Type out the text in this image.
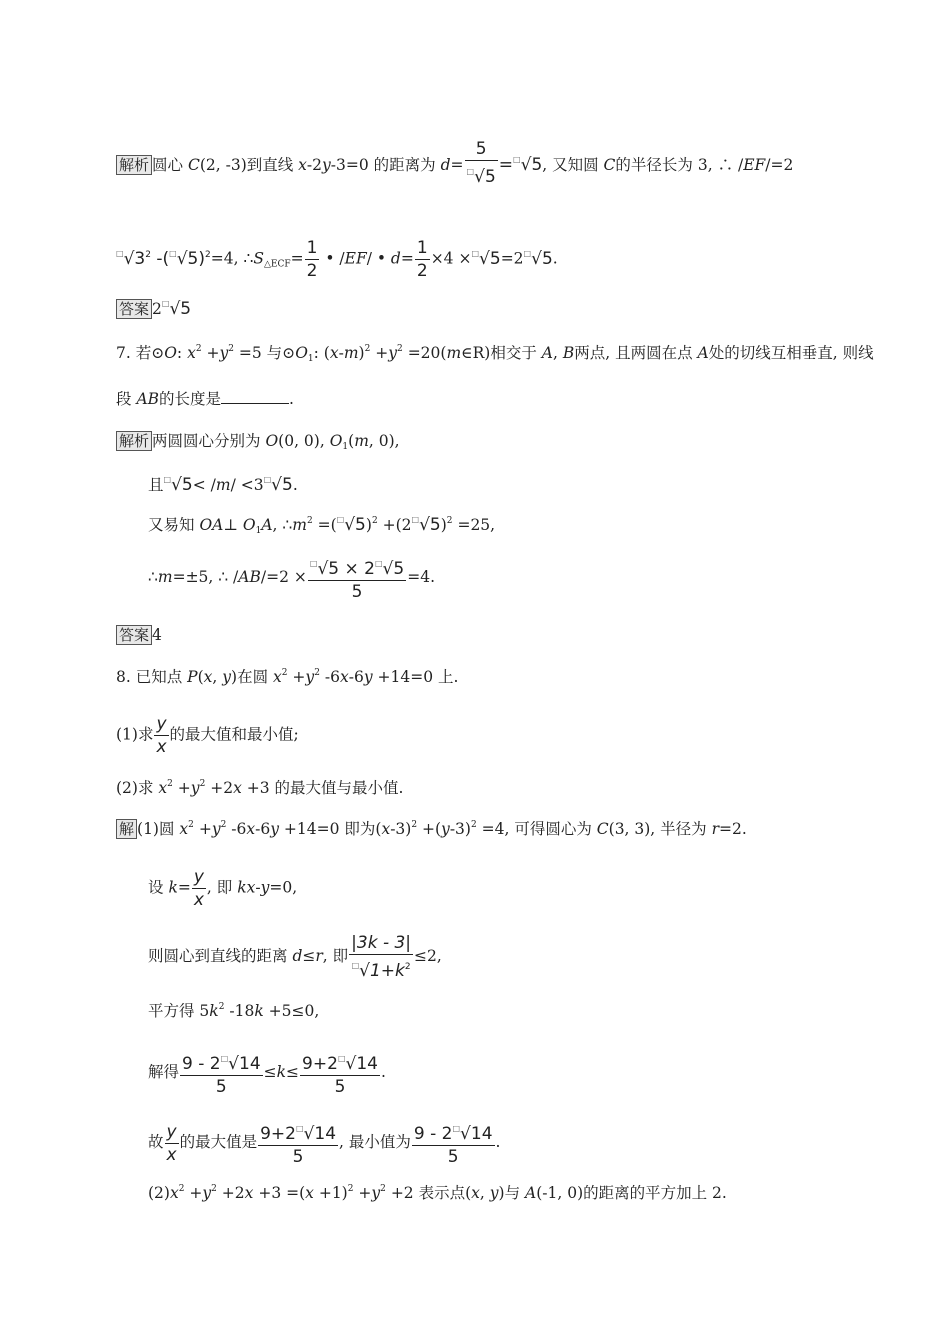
解析 圆心 C(2, -3)到直线 x-2y-3=0 的距离为 $d= \frac{5}{^□√5} =^□√5$, 又知圆 C的半径长为 3, ∴ /EF/=2
$^□√3^2$ $-(^□√5)^2=4$, $\therefore S_{\triangle ECF}= \frac{1}{2}$ • /EF/ • $d= \frac{1}{2} \times 4 \times^□√5=2^□√5$.
答案 2□√5
7. 若⊙O: $x^2 +y^2 =5$ 与$⊙O_1$: $(x-m)^2 +y^2$ =20(m∈R)相交于 A, B两点, 且两圆在点 A处的切线互相垂直, 则线
段 AB的长度是	.
解析 两圆圆心分别为 O(0, 0), $O_1(m$, 0),
且□√5< /m/ <3□√5.
又易知 OA⊥ $O_1A$, $\therefore m^2 =(^□√5)^2 +(2^□√5)^2 =25$,
∴m=±5, ∴ $/AB/=2 \times \frac{^□√5 \times 2^□√5}{5} =4$.
答案 4
8. 已知点 P(x, y)在圆 $x^2 +y^2$ -6x-6y +14=0 上.
(1)求 $\frac{y}{x}$ 的最大值和最小值;
(2)求 $x^2 +y^2 +2x +3$ 的最大值与最小值.
解 (1)圆 $x^2 +y^2$ -6x-6y +14=0 即为$(x-3)^2 +(y-3)^2 =4$, 可得圆心为 C(3, 3), 半径为 r=2.
设 $k= \frac{y}{x}$ , 即 kx-y=0,
则圆心到直线的距离 d≤r, 即 $\frac{|3k - 3|}{^□√1+k^2} \le 2$,
平方得 $5k^2$ -18k +5≤0,
解得 $\frac{9 - 2^□√14}{5} \le k\le \frac{9+2^□√14}{5}$ .
故 $\frac{y}{x}$ 的最大值是 $\frac{9+2^□√14}{5}$ , 最小值为 $\frac{9 - 2^□√14}{5}$ .
$(2)x^2 +y^2 +2x +3 =(x +1)^2 +y^2 +2$ 表示点(x, y)与 A(-1, 0)的距离的平方加上 2.
